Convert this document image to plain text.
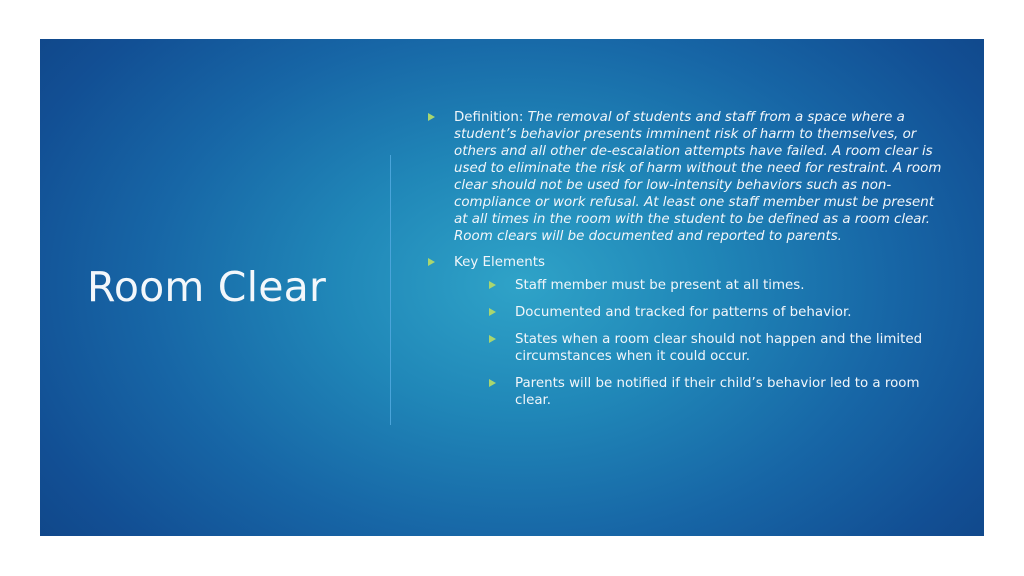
Room Clear
Definition: The removal of students and staff from a space where a student’s behavior presents imminent risk of harm to themselves, or others and all other de-escalation attempts have failed. A room clear is used to eliminate the risk of harm without the need for restraint. A room clear should not be used for low-intensity behaviors such as non-compliance or work refusal. At least one staff member must be present at all times in the room with the student to be defined as a room clear. Room clears will be documented and reported to parents.
Key Elements
Staff member must be present at all times.
Documented and tracked for patterns of behavior.
States when a room clear should not happen and the limited circumstances when it could occur.
Parents will be notified if their child’s behavior led to a room clear.
